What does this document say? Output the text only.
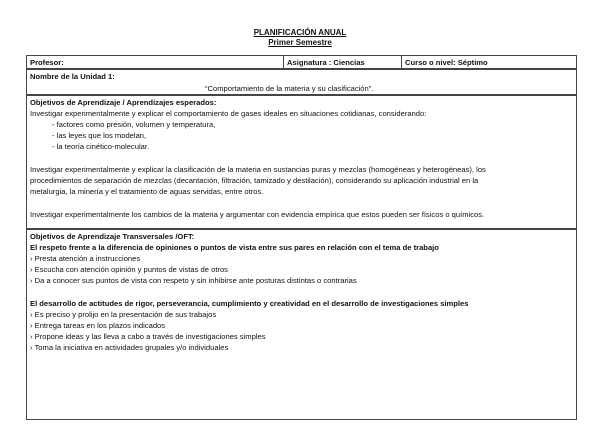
PLANIFICACIÓN ANUAL
Primer Semestre
Profesor:	Asignatura : Ciencias	Curso o nivel: Séptimo
Nombre de la Unidad 1:
“Comportamiento de la materia y su clasificación”.
Objetivos de Aprendizaje / Aprendizajes esperados:
Investigar experimentalmente y explicar el comportamiento de gases ideales en situaciones cotidianas, considerando:
- factores como presión, volumen y temperatura,
- las leyes que los modelan,
- la teoría cinético-molecular.
Investigar experimentalmente y explicar la clasificación de la materia en sustancias puras y mezclas (homogéneas y heterogéneas), los
procedimientos de separación de mezclas (decantación, filtración, tamizado y destilación), considerando su aplicación industrial en la
metalurgia, la minería y el tratamiento de aguas servidas, entre otros.
Investigar experimentalmente los cambios de la materia y argumentar con evidencia empírica que estos pueden ser físicos o químicos.
Objetivos de Aprendizaje Transversales /OFT:
El respeto frente a la diferencia de opiniones o puntos de vista entre sus pares en relación con el tema de trabajo
› Presta atención a instrucciones
› Escucha con atención opinión y puntos de vistas de otros
› Da a conocer sus puntos de vista con respeto y sin inhibirse ante posturas distintas o contrarias
El desarrollo de actitudes de rigor, perseverancia, cumplimiento y creatividad en el desarrollo de investigaciones simples
› Es preciso y prolijo en la presentación de sus trabajos
› Entrega tareas en los plazos indicados
› Propone ideas y las lleva a cabo a través de investigaciones simples
› Toma la iniciativa en actividades grupales y/o individuales
